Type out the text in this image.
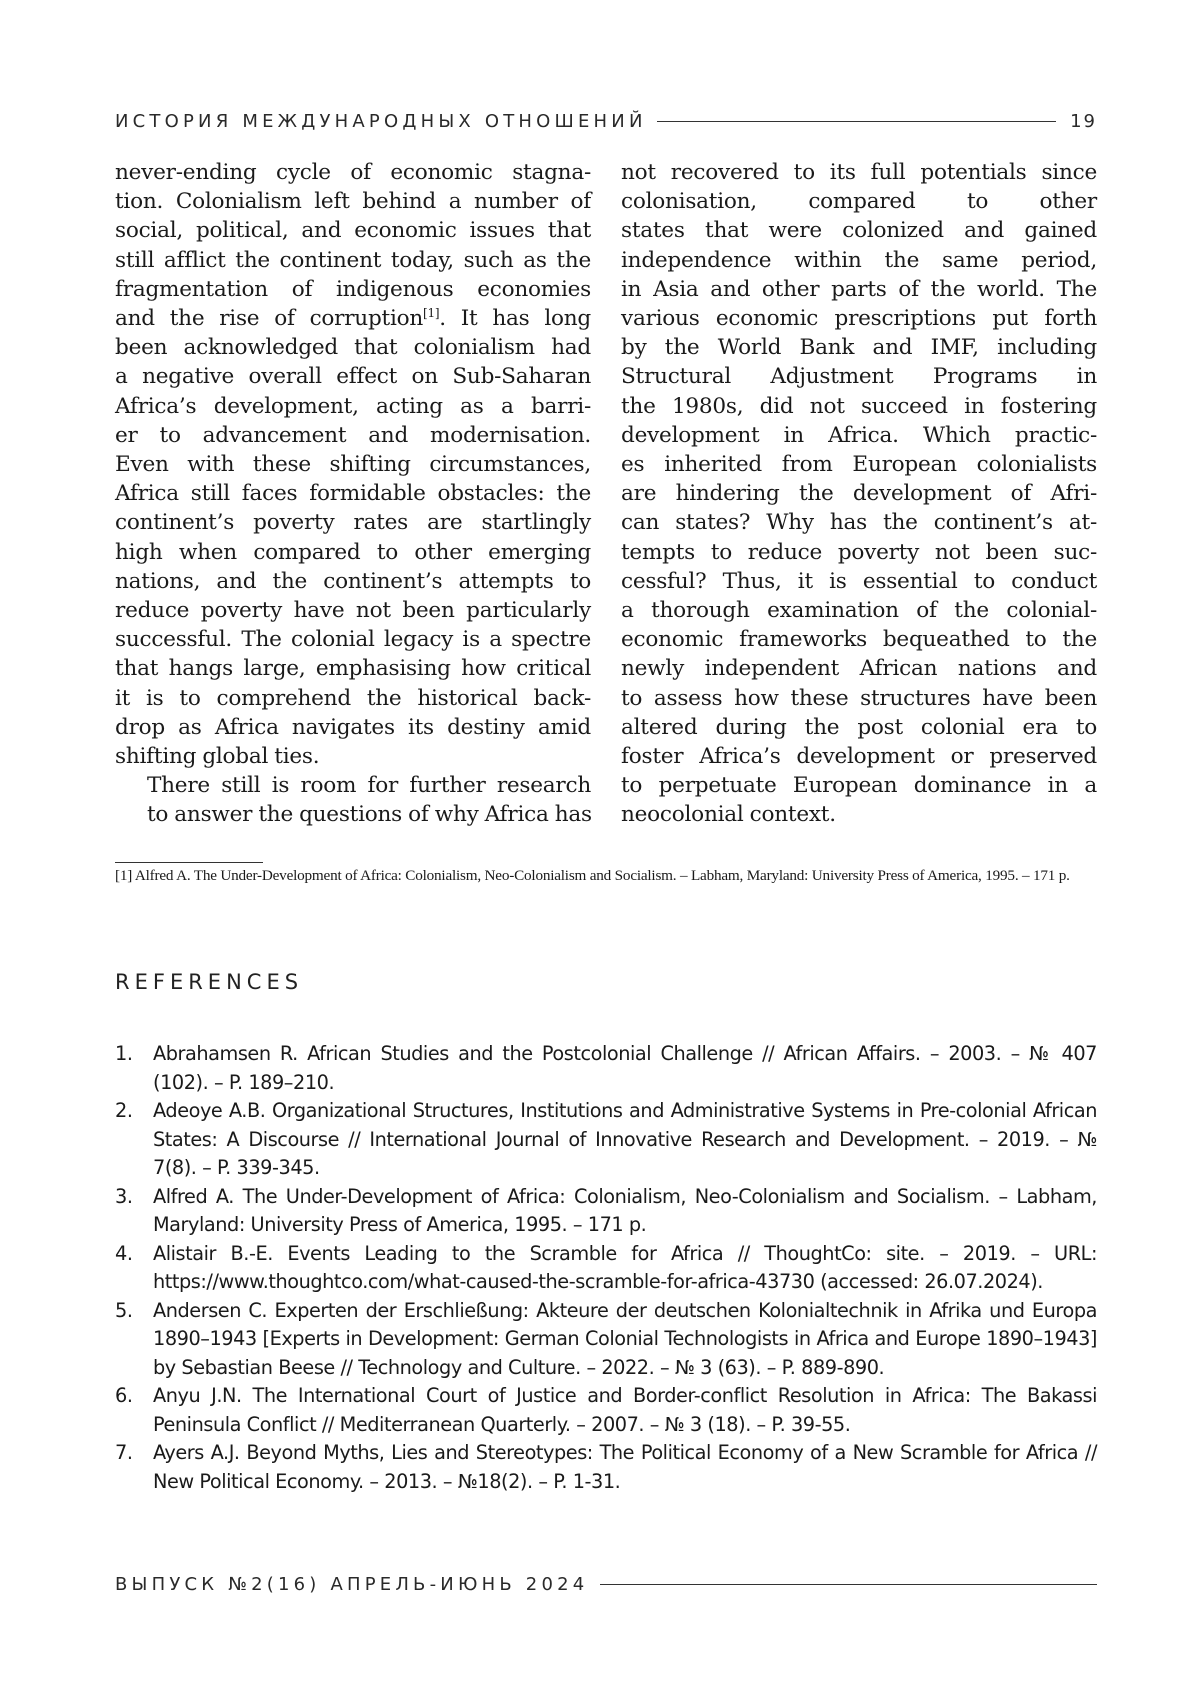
ИСТОРИЯ МЕЖДУНАРОДНЫХ ОТНОШЕНИЙ	19

never-ending cycle of economic stagna-
tion. Colonialism left behind a number of
social, political, and economic issues that
still afflict the continent today, such as the
fragmentation of indigenous economies
and the rise of corruption[1]. It has long
been acknowledged that colonialism had
a negative overall effect on Sub-Saharan
Africa’s development, acting as a barri-
er to advancement and modernisation.
Even with these shifting circumstances,
Africa still faces formidable obstacles: the
continent’s poverty rates are startlingly
high when compared to other emerging
nations, and the continent’s attempts to
reduce poverty have not been particularly
successful. The colonial legacy is a spectre
that hangs large, emphasising how critical
it is to comprehend the historical back-
drop as Africa navigates its destiny amid
shifting global ties.

There still is room for further research
to answer the questions of why Africa has

not recovered to its full potentials since
colonisation, compared to other
states that were colonized and gained
independence within the same period,
in Asia and other parts of the world. The
various economic prescriptions put forth
by the World Bank and IMF, including
Structural Adjustment Programs in
the 1980s, did not succeed in fostering
development in Africa. Which practic-
es inherited from European colonialists
are hindering the development of Afri-
can states? Why has the continent’s at-
tempts to reduce poverty not been suc-
cessful? Thus, it is essential to conduct
a thorough examination of the colonial-
economic frameworks bequeathed to the
newly independent African nations and
to assess how these structures have been
altered during the post colonial era to
foster Africa’s development or preserved
to perpetuate European dominance in a
neocolonial context.

[1] Alfred A. The Under-Development of Africa: Colonialism, Neo-Colonialism and Socialism. – Labham, Maryland: University Press of America, 1995. – 171 p.
REFERENCES
1.	Abrahamsen R. African Studies and the Postcolonial Challenge // African Affairs. – 2003. – № 407 (102). – P. 189–210.
2.	Adeoye A.B. Organizational Structures, Institutions and Administrative Systems in Pre-colonial African States: A Discourse // International Journal of Innovative Research and Development. – 2019. – № 7(8). – P. 339-345.
3.	Alfred A. The Under-Development of Africa: Colonialism, Neo-Colonialism and Socialism. – Labham, Maryland: University Press of America, 1995. – 171 p.
4.	Alistair B.-E. Events Leading to the Scramble for Africa // ThoughtCo: site. – 2019. – URL: https://www.thoughtco.com/what-caused-the-scramble-for-africa-43730 (accessed: 26.07.2024).
5.	Andersen C. Experten der Erschließung: Akteure der deutschen Kolonialtechnik in Afrika und Europa 1890–1943 [Experts in Development: German Colonial Technologists in Africa and Europe 1890–1943] by Sebastian Beese // Technology and Culture. – 2022. – № 3 (63). – P. 889-890.
6.	Anyu J.N. The International Court of Justice and Border-conflict Resolution in Africa: The Bakassi Peninsula Conflict // Mediterranean Quarterly. – 2007. – № 3 (18). – P. 39-55.
7.	Ayers A.J. Beyond Myths, Lies and Stereotypes: The Political Economy of a New Scramble for Africa // New Political Economy. – 2013. – №18(2). – P. 1-31.
ВЫПУСК №2(16) АПРЕЛЬ-ИЮНЬ 2024
